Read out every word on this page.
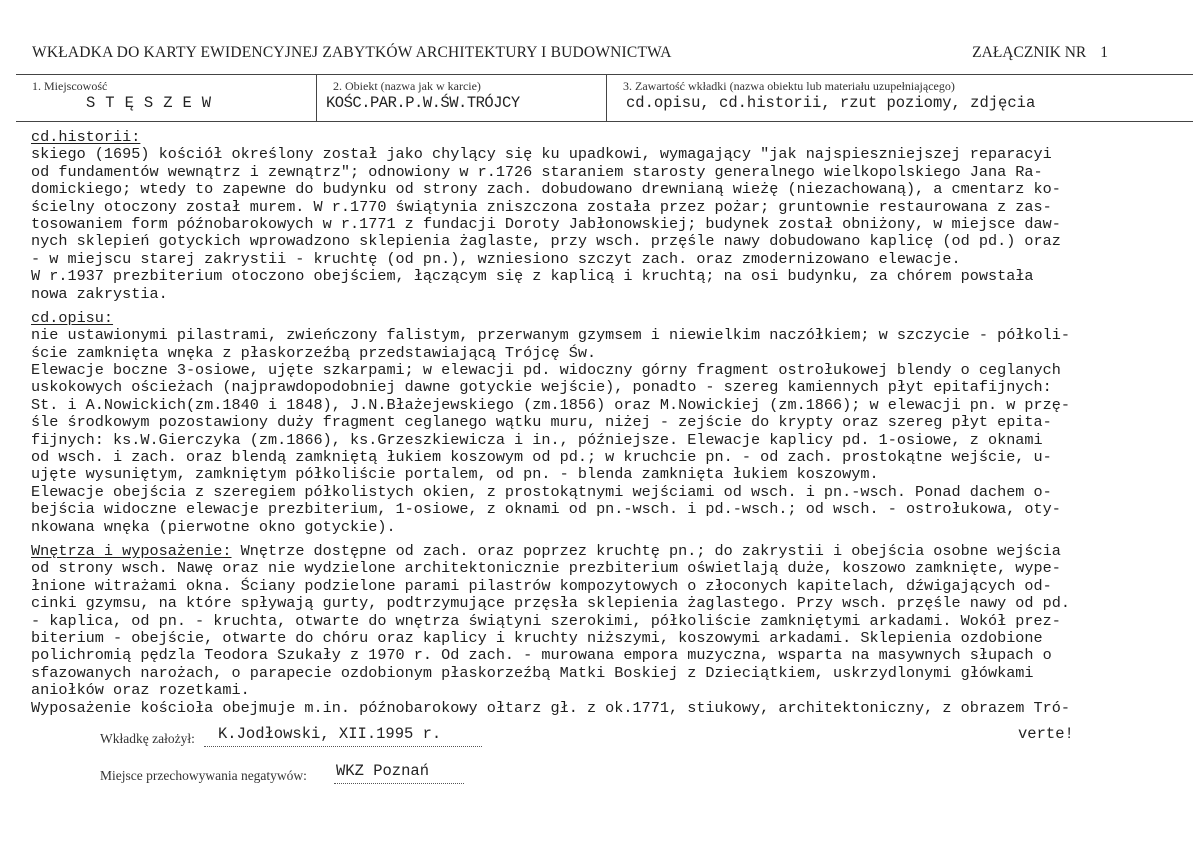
WKŁADKA DO KARTY EWIDENCYJNEJ ZABYTKÓW ARCHITEKTURY I BUDOWNICTWA	ZAŁĄCZNIK NR 1
1. Miejscowość
STĘSZEW
2. Obiekt (nazwa jak w karcie)
KOŚC.PAR.P.W.ŚW.TRÓJCY
3. Zawartość wkładki (nazwa obiektu lub materiału uzupełniającego)
cd.opisu, cd.historii, rzut poziomy, zdjęcia
cd.historii:
skiego (1695) kościół określony został jako chylący się ku upadkowi, wymagający "jak najspieszniejszej reparacyi
od fundamentów wewnątrz i zewnątrz"; odnowiony w r.1726 staraniem starosty generalnego wielkopolskiego Jana Ra-
domickiego; wtedy to zapewne do budynku od strony zach. dobudowano drewnianą wieżę (niezachowaną), a cmentarz ko-
ścielny otoczony został murem. W r.1770 świątynia zniszczona została przez pożar; gruntownie restaurowana z zas-
tosowaniem form późnobarokowych w r.1771 z fundacji Doroty Jabłonowskiej; budynek został obniżony, w miejsce daw-
nych sklepień gotyckich wprowadzono sklepienia żaglaste, przy wsch. przęśle nawy dobudowano kaplicę (od pd.) oraz
- w miejscu starej zakrystii - kruchtę (od pn.), wzniesiono szczyt zach. oraz zmodernizowano elewacje.
W r.1937 prezbiterium otoczono obejściem, łączącym się z kaplicą i kruchtą; na osi budynku, za chórem powstała
nowa zakrystia.
cd.opisu:
nie ustawionymi pilastrami, zwieńczony falistym, przerwanym gzymsem i niewielkim naczółkiem; w szczycie - półkoli-
ście zamknięta wnęka z płaskorzeźbą przedstawiającą Trójcę Św.
Elewacje boczne 3-osiowe, ujęte szkarpami; w elewacji pd. widoczny górny fragment ostrołukowej blendy o ceglanych
uskokowych ościeżach (najprawdopodobniej dawne gotyckie wejście), ponadto - szereg kamiennych płyt epitafijnych:
St. i A.Nowickich(zm.1840 i 1848), J.N.Błażejewskiego (zm.1856) oraz M.Nowickiej (zm.1866); w elewacji pn. w przę-
śle środkowym pozostawiony duży fragment ceglanego wątku muru, niżej - zejście do krypty oraz szereg płyt epita-
fijnych: ks.W.Gierczyka (zm.1866), ks.Grzeszkiewicza i in., późniejsze. Elewacje kaplicy pd. 1-osiowe, z oknami
od wsch. i zach. oraz blendą zamkniętą łukiem koszowym od pd.; w kruchcie pn. - od zach. prostokątne wejście, u-
ujęte wysuniętym, zamkniętym półkoliście portalem, od pn. - blenda zamknięta łukiem koszowym.
Elewacje obejścia z szeregiem półkolistych okien, z prostokątnymi wejściami od wsch. i pn.-wsch. Ponad dachem o-
bejścia widoczne elewacje prezbiterium, 1-osiowe, z oknami od pn.-wsch. i pd.-wsch.; od wsch. - ostrołukowa, oty-
nkowana wnęka (pierwotne okno gotyckie).
Wnętrza i wyposażenie: Wnętrze dostępne od zach. oraz poprzez kruchtę pn.; do zakrystii i obejścia osobne wejścia
od strony wsch. Nawę oraz nie wydzielone architektonicznie prezbiterium oświetlają duże, koszowo zamknięte, wype-
łnione witrażami okna. Ściany podzielone parami pilastrów kompozytowych o złoconych kapitelach, dźwigających od-
cinki gzymsu, na które spływają gurty, podtrzymujące przęsła sklepienia żaglastego. Przy wsch. przęśle nawy od pd.
- kaplica, od pn. - kruchta, otwarte do wnętrza świątyni szerokimi, półkoliście zamkniętymi arkadami. Wokół prez-
biterium - obejście, otwarte do chóru oraz kaplicy i kruchty niższymi, koszowymi arkadami. Sklepienia ozdobione
polichromią pędzla Teodora Szukały z 1970 r. Od zach. - murowana empora muzyczna, wsparta na masywnych słupach o
sfazowanych narożach, o parapecie ozdobionym płaskorzeźbą Matki Boskiej z Dzieciątkiem, uskrzydlonymi główkami
aniołków oraz rozetkami.
Wyposażenie kościoła obejmuje m.in. późnobarokowy ołtarz gł. z ok.1771, stiukowy, architektoniczny, z obrazem Tró-
Wkładkę założył: K.Jodłowski, XII.1995 r.	verte!
Miejsce przechowywania negatywów: WKZ Poznań
